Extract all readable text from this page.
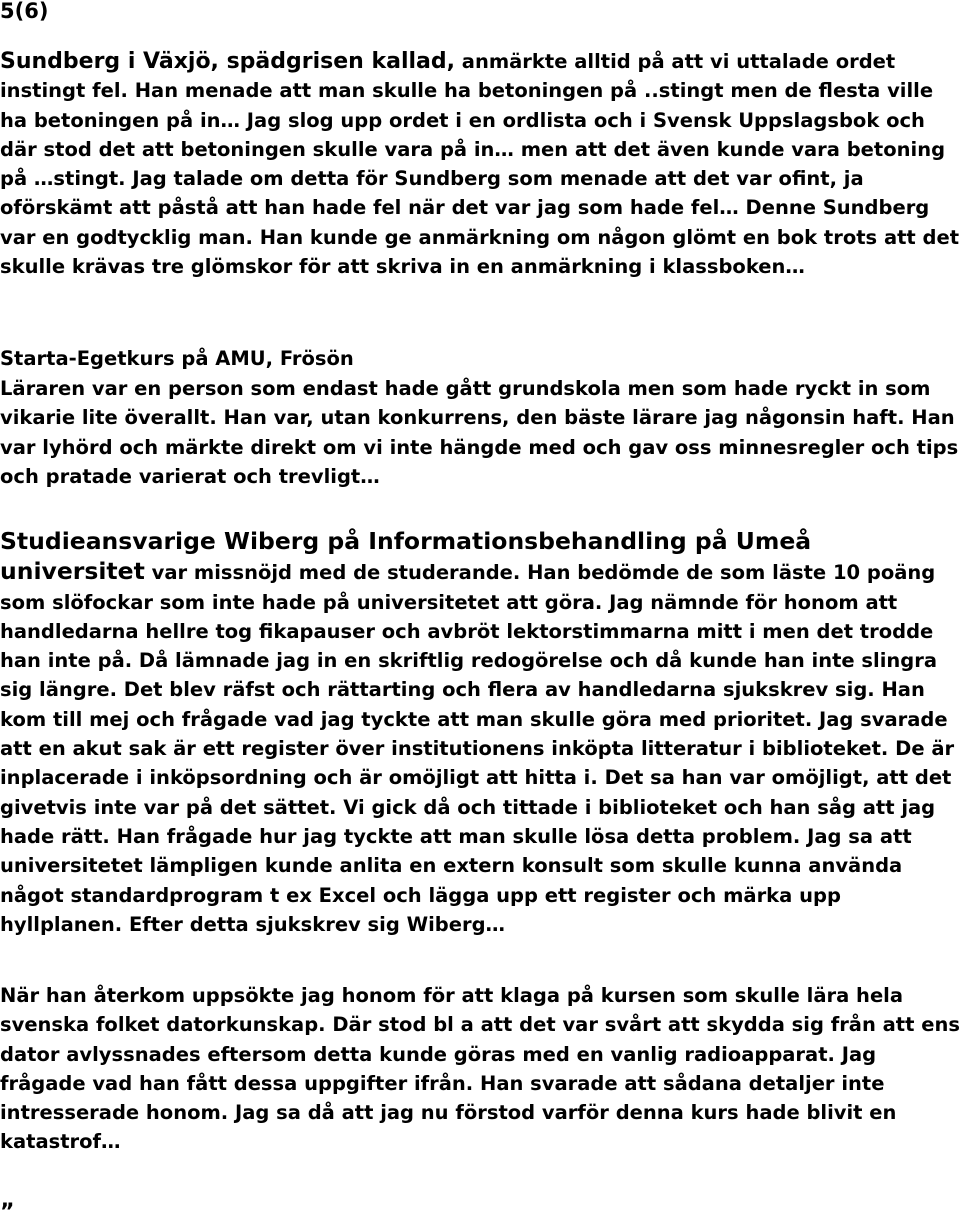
5(6)

Sundberg i Växjö, spädgrisen kallad, anmärkte alltid på att vi uttalade ordet instingt fel. Han menade att man skulle ha betoningen på ..stingt men de flesta ville ha betoningen på in… Jag slog upp ordet i en ordlista och i Svensk Uppslagsbok och där stod det att betoningen skulle vara på in… men att det även kunde vara betoning på …stingt. Jag talade om detta för Sundberg som menade att det var ofint, ja oförskämt att påstå att han hade fel när det var jag som hade fel… Denne Sundberg var en godtycklig man. Han kunde ge anmärkning om någon glömt en bok trots att det skulle krävas tre glömskor för att skriva in en anmärkning i klassboken…

Starta-Egetkurs på AMU, Frösön

Läraren var en person som endast hade gått grundskola men som hade ryckt in som vikarie lite överallt. Han var, utan konkurrens, den bäste lärare jag någonsin haft. Han var lyhörd och märkte direkt om vi inte hängde med och gav oss minnesregler och tips och pratade varierat och trevligt…

Studieansvarige Wiberg på Informationsbehandling på Umeå universitet var missnöjd med de studerande. Han bedömde de som läste 10 poäng som slöfockar som inte hade på universitetet att göra. Jag nämnde för honom att handledarna hellre tog fikapauser och avbröt lektorstimmarna mitt i men det trodde han inte på. Då lämnade jag in en skriftlig redogörelse och då kunde han inte slingra sig längre. Det blev räfst och rättarting och flera av handledarna sjukskrev sig. Han kom till mej och frågade vad jag tyckte att man skulle göra med prioritet. Jag svarade att en akut sak är ett register över institutionens inköpta litteratur i biblioteket. De är inplacerade i inköpsordning och är omöjligt att hitta i. Det sa han var omöjligt, att det givetvis inte var på det sättet. Vi gick då och tittade i biblioteket och han såg att jag hade rätt. Han frågade hur jag tyckte att man skulle lösa detta problem. Jag sa att universitetet lämpligen kunde anlita en extern konsult som skulle kunna använda något standardprogram t ex Excel och lägga upp ett register och märka upp hyllplanen. Efter detta sjukskrev sig Wiberg…

När han återkom uppsökte jag honom för att klaga på kursen som skulle lära hela svenska folket datorkunskap. Där stod bl a att det var svårt att skydda sig från att ens dator avlyssnades eftersom detta kunde göras med en vanlig radioapparat. Jag frågade vad han fått dessa uppgifter ifrån. Han svarade att sådana detaljer inte intresserade honom. Jag sa då att jag nu förstod varför denna kurs hade blivit en katastrof…

”
